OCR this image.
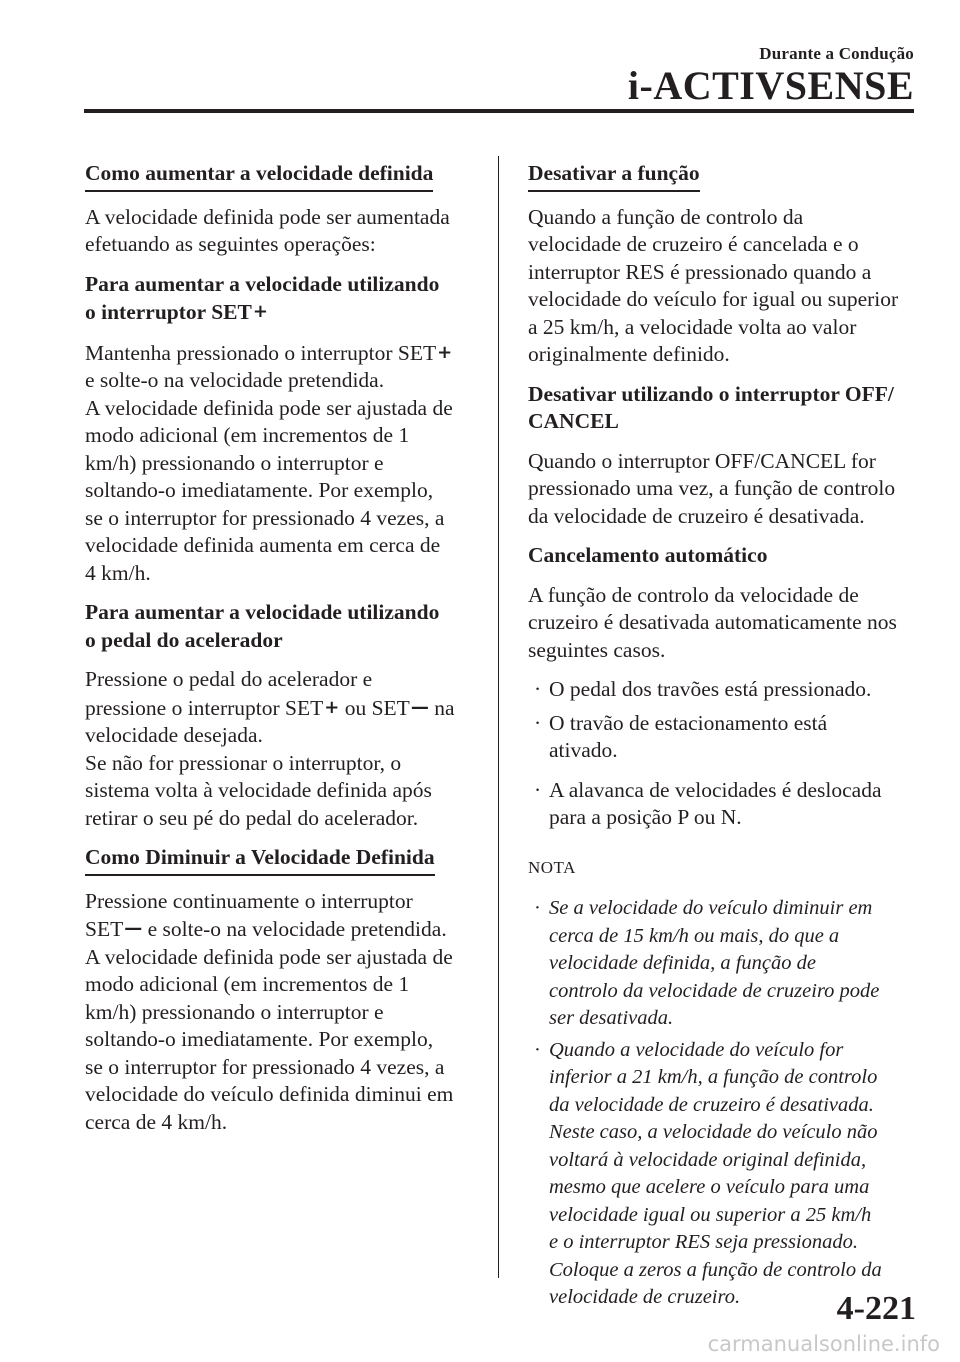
Durante a Condução
i-ACTIVSENSE
Como aumentar a velocidade definida

A velocidade definida pode ser aumentada
efetuando as seguintes operações:

Para aumentar a velocidade utilizando
o interruptor SET+

Mantenha pressionado o interruptor SET+
e solte-o na velocidade pretendida.
A velocidade definida pode ser ajustada de
modo adicional (em incrementos de 1
km/h) pressionando o interruptor e
soltando-o imediatamente. Por exemplo,
se o interruptor for pressionado 4 vezes, a
velocidade definida aumenta em cerca de
4 km/h.

Para aumentar a velocidade utilizando
o pedal do acelerador

Pressione o pedal do acelerador e
pressione o interruptor SET+ ou SET— na
velocidade desejada.
Se não for pressionar o interruptor, o
sistema volta à velocidade definida após
retirar o seu pé do pedal do acelerador.

Como Diminuir a Velocidade Definida

Pressione continuamente o interruptor
SET— e solte-o na velocidade pretendida.
A velocidade definida pode ser ajustada de
modo adicional (em incrementos de 1
km/h) pressionando o interruptor e
soltando-o imediatamente. Por exemplo,
se o interruptor for pressionado 4 vezes, a
velocidade do veículo definida diminui em
cerca de 4 km/h.

Desativar a função

Quando a função de controlo da
velocidade de cruzeiro é cancelada e o
interruptor RES é pressionado quando a
velocidade do veículo for igual ou superior
a 25 km/h, a velocidade volta ao valor
originalmente definido.

Desativar utilizando o interruptor OFF/
CANCEL

Quando o interruptor OFF/CANCEL for
pressionado uma vez, a função de controlo
da velocidade de cruzeiro é desativada.

Cancelamento automático

A função de controlo da velocidade de
cruzeiro é desativada automaticamente nos
seguintes casos.

· O pedal dos travões está pressionado.
· O travão de estacionamento está
ativado.
· A alavanca de velocidades é deslocada
para a posição P ou N.
NOTA
· Se a velocidade do veículo diminuir em
cerca de 15 km/h ou mais, do que a
velocidade definida, a função de
controlo da velocidade de cruzeiro pode
ser desativada.
· Quando a velocidade do veículo for
inferior a 21 km/h, a função de controlo
da velocidade de cruzeiro é desativada.
Neste caso, a velocidade do veículo não
voltará à velocidade original definida,
mesmo que acelere o veículo para uma
velocidade igual ou superior a 25 km/h
e o interruptor RES seja pressionado.
Coloque a zeros a função de controlo da
velocidade de cruzeiro.	4-221
carmanualsonline.info
